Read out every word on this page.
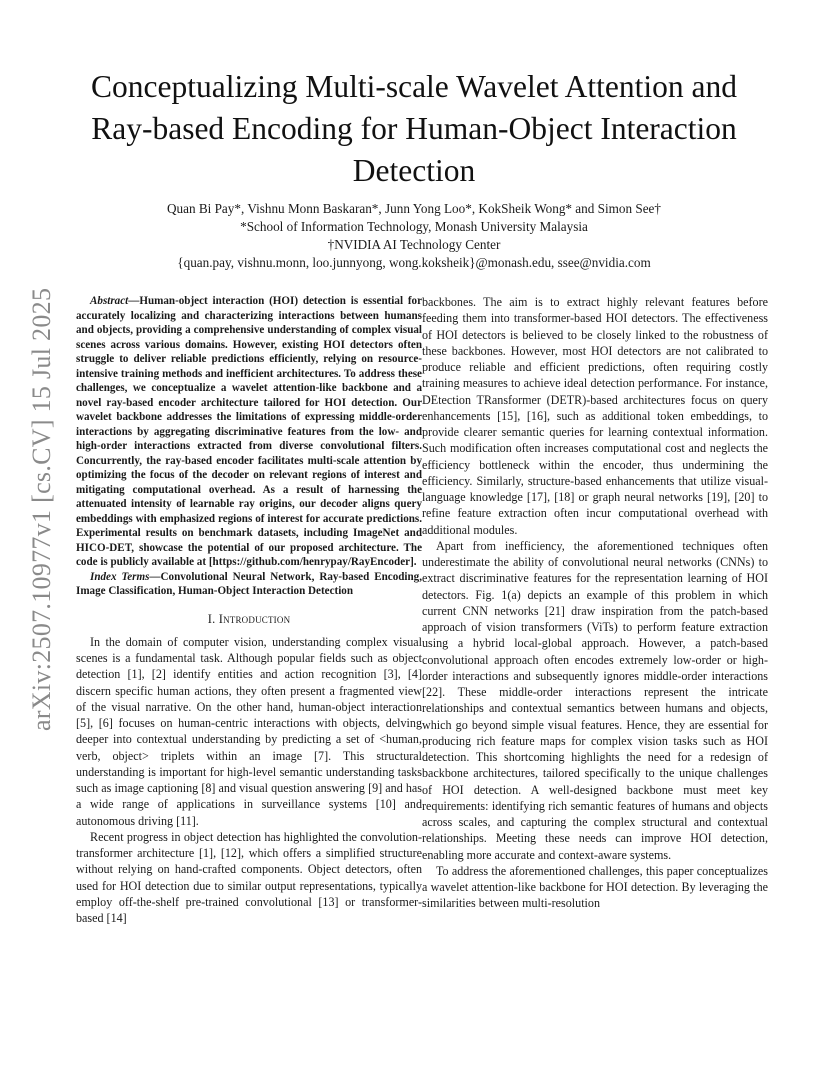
arXiv:2507.10977v1 [cs.CV] 15 Jul 2025
Conceptualizing Multi-scale Wavelet Attention and Ray-based Encoding for Human-Object Interaction Detection
Quan Bi Pay*, Vishnu Monn Baskaran*, Junn Yong Loo*, KokSheik Wong* and Simon See†
*School of Information Technology, Monash University Malaysia
†NVIDIA AI Technology Center
{quan.pay, vishnu.monn, loo.junnyong, wong.koksheik}@monash.edu, ssee@nvidia.com

Abstract—Human-object interaction (HOI) detection is essential for accurately localizing and characterizing interactions between humans and objects, providing a comprehensive understanding of complex visual scenes across various domains. However, existing HOI detectors often struggle to deliver reliable predictions efficiently, relying on resource-intensive training methods and inefficient architectures. To address these challenges, we conceptualize a wavelet attention-like backbone and a novel ray-based encoder architecture tailored for HOI detection. Our wavelet backbone addresses the limitations of expressing middle-order interactions by aggregating discriminative features from the low- and high-order interactions extracted from diverse convolutional filters. Concurrently, the ray-based encoder facilitates multi-scale attention by optimizing the focus of the decoder on relevant regions of interest and mitigating computational overhead. As a result of harnessing the attenuated intensity of learnable ray origins, our decoder aligns query embeddings with emphasized regions of interest for accurate predictions. Experimental results on benchmark datasets, including ImageNet and HICO-DET, showcase the potential of our proposed architecture. The code is publicly available at [https://github.com/henrypay/RayEncoder].

Index Terms—Convolutional Neural Network, Ray-based Encoding, Image Classification, Human-Object Interaction Detection

I. Introduction

In the domain of computer vision, understanding complex visual scenes is a fundamental task. Although popular fields such as object detection [1], [2] identify entities and action recognition [3], [4] discern specific human actions, they often present a fragmented view of the visual narrative. On the other hand, human-object interaction [5], [6] focuses on human-centric interactions with objects, delving deeper into contextual understanding by predicting a set of <human, verb, object> triplets within an image [7]. This structural understanding is important for high-level semantic understanding tasks such as image captioning [8] and visual question answering [9] and has a wide range of applications in surveillance systems [10] and autonomous driving [11].

Recent progress in object detection has highlighted the convolution-transformer architecture [1], [12], which offers a simplified structure without relying on hand-crafted components. Object detectors, often used for HOI detection due to similar output representations, typically employ off-the-shelf pre-trained convolutional [13] or transformer-based [14]

backbones. The aim is to extract highly relevant features before feeding them into transformer-based HOI detectors. The effectiveness of HOI detectors is believed to be closely linked to the robustness of these backbones. However, most HOI detectors are not calibrated to produce reliable and efficient predictions, often requiring costly training measures to achieve ideal detection performance. For instance, DEtection TRansformer (DETR)-based architectures focus on query enhancements [15], [16], such as additional token embeddings, to provide clearer semantic queries for learning contextual information. Such modification often increases computational cost and neglects the efficiency bottleneck within the encoder, thus undermining the efficiency. Similarly, structure-based enhancements that utilize visual-language knowledge [17], [18] or graph neural networks [19], [20] to refine feature extraction often incur computational overhead with additional modules.

Apart from inefficiency, the aforementioned techniques often underestimate the ability of convolutional neural networks (CNNs) to extract discriminative features for the representation learning of HOI detectors. Fig. 1(a) depicts an example of this problem in which current CNN networks [21] draw inspiration from the patch-based approach of vision transformers (ViTs) to perform feature extraction using a hybrid local-global approach. However, a patch-based convolutional approach often encodes extremely low-order or high-order interactions and subsequently ignores middle-order interactions [22]. These middle-order interactions represent the intricate relationships and contextual semantics between humans and objects, which go beyond simple visual features. Hence, they are essential for producing rich feature maps for complex vision tasks such as HOI detection. This shortcoming highlights the need for a redesign of backbone architectures, tailored specifically to the unique challenges of HOI detection. A well-designed backbone must meet key requirements: identifying rich semantic features of humans and objects across scales, and capturing the complex structural and contextual relationships. Meeting these needs can improve HOI detection, enabling more accurate and context-aware systems.

To address the aforementioned challenges, this paper conceptualizes a wavelet attention-like backbone for HOI detection. By leveraging the similarities between multi-resolution
